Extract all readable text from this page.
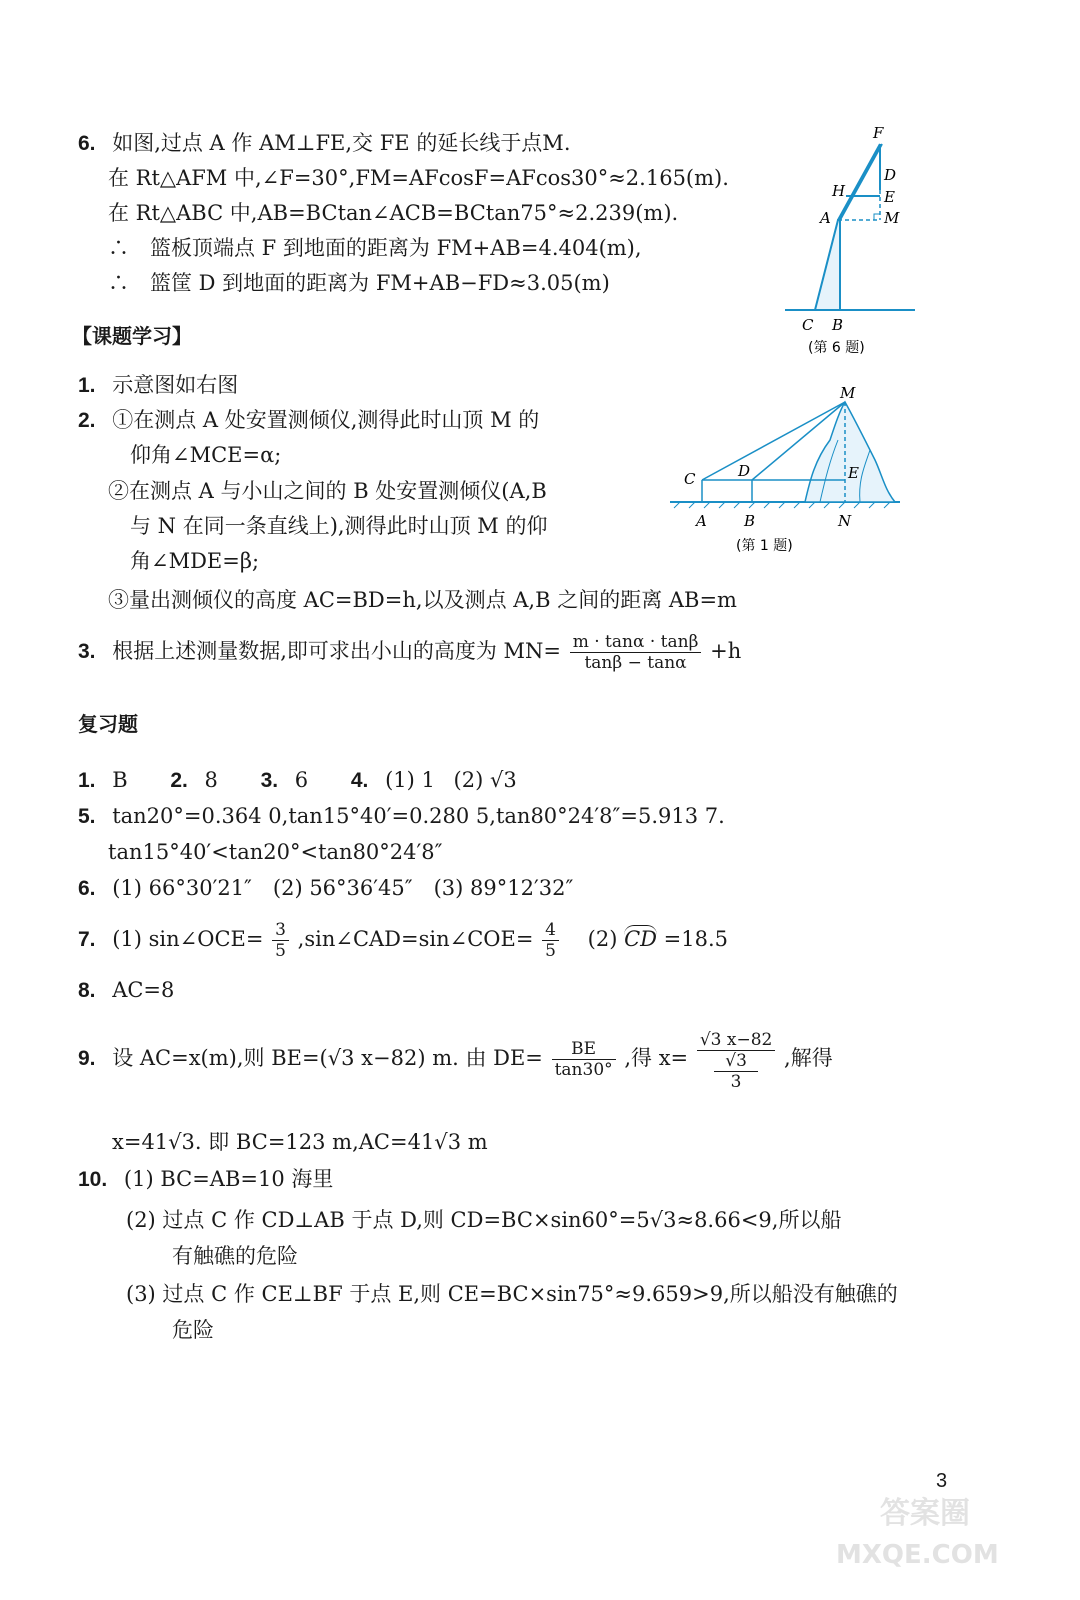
6. 如图,过点 A 作 AM⊥FE,交 FE 的延长线于点M.
在 Rt△AFM 中,∠F=30°,FM=AFcosF=AFcos30°≈2.165(m).
在 Rt△ABC 中,AB=BCtan∠ACB=BCtan75°≈2.239(m).
∴　篮板顶端点 F 到地面的距离为 FM+AB=4.404(m),
∴　篮筐 D 到地面的距离为 FM+AB−FD≈3.05(m)
F
D
H	E
A	M
C B
(第 6 题)
【课题学习】
1. 示意图如右图
2. ①在测点 A 处安置测倾仪,测得此时山顶 M 的
仰角∠MCE=α;
②在测点 A 与小山之间的 B 处安置测倾仪(A,B
与 N 在同一条直线上),测得此时山顶 M 的仰
角∠MDE=β;
③量出测倾仪的高度 AC=BD=h,以及测点 A,B 之间的距离 AB=m
3. 根据上述测量数据,即可求出小山的高度为 $MN= \frac{m \cdot \tan\alpha \cdot \tan\beta}{\tan\beta - \tan\alpha} +h$
M
C	D	E
A B	N
(第 1 题)
复习题
1. B 2. 8 3. 6 4. (1) 1 (2) √3
5. tan20°=0.364 0,tan15°40′=0.280 5,tan80°24′8″=5.913 7.
tan15°40′<tan20°<tan80°24′8″
6. (1) 66°30′21″　(2) 56°36′45″　(3) 89°12′32″
7. (1) sin∠OCE= $\frac{3}{5}$ ,sin∠CAD=sin∠COE= $\frac{4}{5} (2)$ CD =18.5
8. AC=8
9. 设 AC=x(m),则 BE=(√3 x−82) m. 由 $DE= \frac{BE}{\tan 30^\circ}$ ,得 x= √3 x−82
√3
3 ,解得
x=41√3. 即 BC=123 m,AC=41√3 m
10. (1) BC=AB=10 海里
(2) 过点 C 作 CD⊥AB 于点 D,则 CD=BC×sin60°=5√3≈8.66<9,所以船
有触礁的危险
(3) 过点 C 作 CE⊥BF 于点 E,则 CE=BC×sin75°≈9.659>9,所以船没有触礁的
危险
3
答案圈
MXQE.COM
